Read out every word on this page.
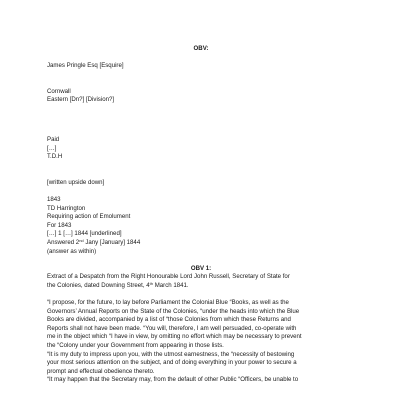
OBV:
James Pringle Esq [Esquire]
Cornwall
Eastern [Dn?] [Division?]
Paid
[…]
T.D.H
[written upside down]
1843
TD Harrington
Requiring action of Emolument
For 1843
[…] 1 […] 1844 [underlined]
Answered 2nd Jany [January] 1844
(answer as within)
OBV 1:
Extract of a Despatch from the Right Honourable Lord John Russell, Secretary of State for
the Colonies, dated Downing Street, 4th March 1841.
“I propose, for the future, to lay before Parliament the Colonial Blue “Books, as well as the
Governors’ Annual Reports on the State of the Colonies, “under the heads into which the Blue
Books are divided, accompanied by a list of “those Colonies from which these Returns and
Reports shall not have been made. “You will, therefore, I am well persuaded, co-operate with
me in the object which “I have in view, by omitting no effort which may be necessary to prevent
the “Colony under your Government from appearing in those lists.
“It is my duty to impress upon you, with the utmost earnestness, the “necessity of bestowing
your most serious attention on the subject, and of doing everything in your power to secure a
prompt and effectual obedience thereto.
“It may happen that the Secretary may, from the default of other Public “Officers, be unable to
